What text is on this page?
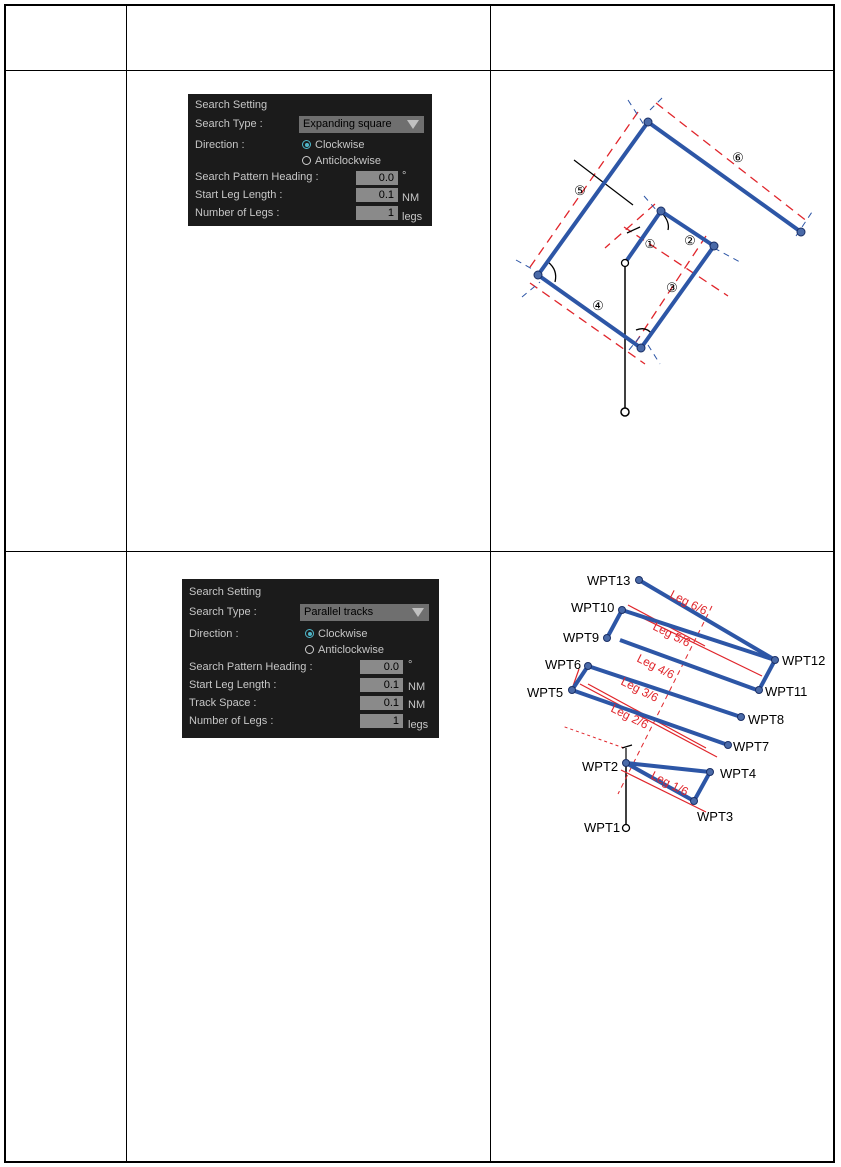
Search Setting
Search Type :	Expanding square
Direction :	Clockwise
Anticlockwise
Search Pattern Heading :	0.0 °
Start Leg Length :	0.1 NM
Number of Legs :	1 legs
Search Setting
Search Type :	Parallel tracks
Direction :	Clockwise
Anticlockwise
Search Pattern Heading :	0.0 °
Start Leg Length :	0.1 NM
Track Space :	0.1 NM
Number of Legs :	1 legs
① ②
③
④
⑤
⑥
WPT1
WPT2
WPT3
WPT4
WPT5
WPT6
WPT7
WPT8
WPT9
WPT10
WPT11
WPT12
WPT13
Leg 1/6
Leg 2/6
Leg 3/6
Leg 4/6
Leg 5/6
Leg 6/6
